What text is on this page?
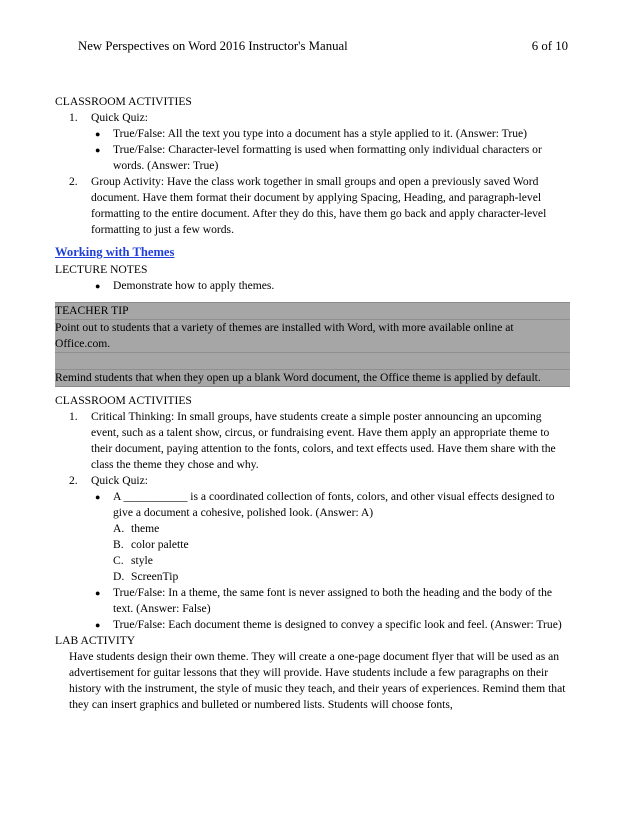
New Perspectives on Word 2016 Instructor's Manual	6 of 10

CLASSROOM ACTIVITIES

1.	Quick Quiz:
●	True/False: All the text you type into a document has a style applied to it. (Answer: True)
●	True/False: Character-level formatting is used when formatting only individual characters or words. (Answer: True)
2.	Group Activity: Have the class work together in small groups and open a previously saved Word document. Have them format their document by applying Spacing, Heading, and paragraph-level formatting to the entire document. After they do this, have them go back and apply character-level formatting to just a few words.
Working with Themes

LECTURE NOTES

●	Demonstrate how to apply themes.
TEACHER TIP
Point out to students that a variety of themes are installed with Word, with more available online at Office.com.

Remind students that when they open up a blank Word document, the Office theme is applied by default.

CLASSROOM ACTIVITIES

1.	Critical Thinking: In small groups, have students create a simple poster announcing an upcoming event, such as a talent show, circus, or fundraising event. Have them apply an appropriate theme to their document, paying attention to the fonts, colors, and text effects used. Have them share with the class the theme they chose and why.
2.	Quick Quiz:
●	A ___________ is a coordinated collection of fonts, colors, and other visual effects designed to give a document a cohesive, polished look. (Answer: A)
A. theme
B. color palette
C. style
D. ScreenTip
●	True/False: In a theme, the same font is never assigned to both the heading and the body of the text. (Answer: False)
●	True/False: Each document theme is designed to convey a specific look and feel. (Answer: True)

LAB ACTIVITY

Have students design their own theme. They will create a one-page document flyer that will be used as an advertisement for guitar lessons that they will provide. Have students include a few paragraphs on their history with the instrument, the style of music they teach, and their years of experiences. Remind them that they can insert graphics and bulleted or numbered lists. Students will choose fonts,
